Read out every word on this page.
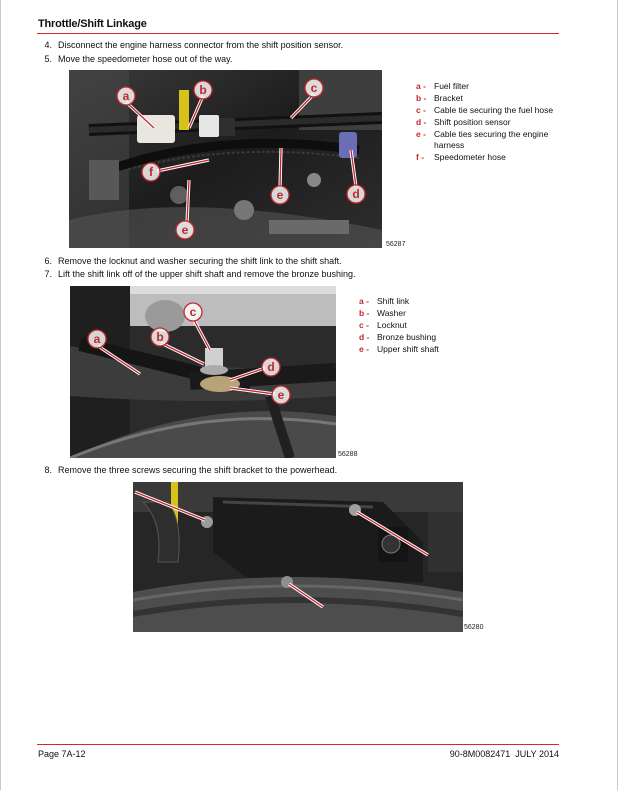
Throttle/Shift Linkage
4. Disconnect the engine harness connector from the shift position sensor.
5. Move the speedometer hose out of the way.
a	b	c
d
e
e
f
56287
a - Fuel filter
b - Bracket
c - Cable tie securing the fuel hose
d - Shift position sensor
e - Cable ties securing the engine harness
f - Speedometer hose
6. Remove the locknut and washer securing the shift link to the shift shaft.
7. Lift the shift link off of the upper shift shaft and remove the bronze bushing.
a	b
c
d
e
56288
a - Shift link
b - Washer
c - Locknut
d - Bronze bushing
e - Upper shift shaft
8. Remove the three screws securing the shift bracket to the powerhead.
56280
Page 7A-12	90-8M0082471 JULY 2014
